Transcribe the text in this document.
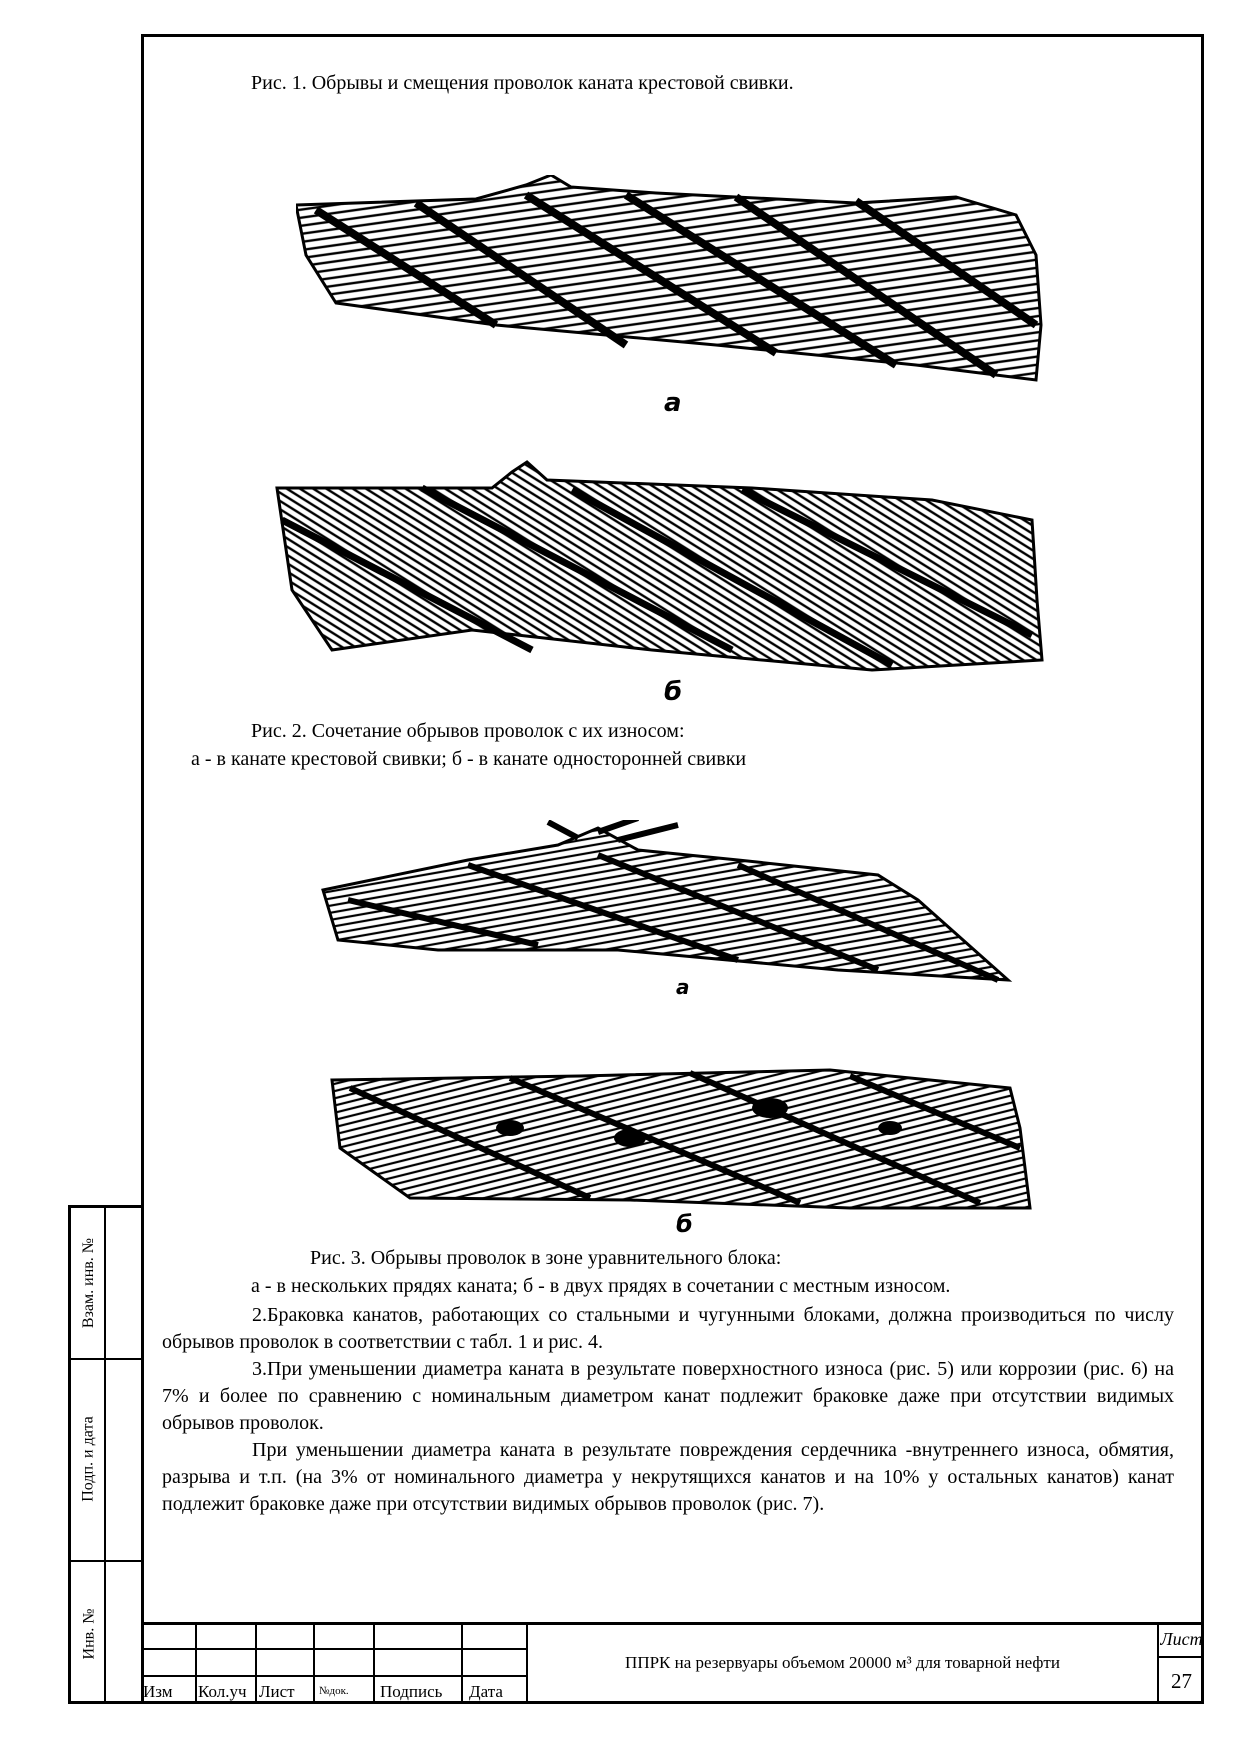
Взам. инв. №
Подп. и дата
Инв. №
Рис. 1. Обрывы и смещения проволок каната крестовой свивки.
а
б
Рис. 2. Сочетание обрывов проволок с их износом:
а - в канате крестовой свивки; б - в канате односторонней свивки
а
б
Рис. 3. Обрывы проволок в зоне уравнительного блока:
а - в нескольких прядях каната; б - в двух прядях в сочетании с местным износом.

2.Браковка канатов, работающих со стальными и чугунными блоками, должна производиться по числу обрывов проволок в соответствии с табл. 1 и рис. 4.

3.При уменьшении диаметра каната в результате поверхностного износа (рис. 5) или коррозии (рис. 6) на 7% и более по сравнению с номинальным диаметром канат подлежит браковке даже при отсутствии видимых обрывов проволок.

При уменьшении диаметра каната в результате повреждения сердечника -внутреннего износа, обмятия, разрыва и т.п. (на 3% от номинального диаметра у некрутящихся канатов и на 10% у остальных канатов) канат подлежит браковке даже при отсутствии видимых обрывов проволок (рис. 7).

Изм Кол.уч Лист №док. Подпись Дата
ППРК на резервуары объемом 20000 м³ для товарной нефти
Лист
27
